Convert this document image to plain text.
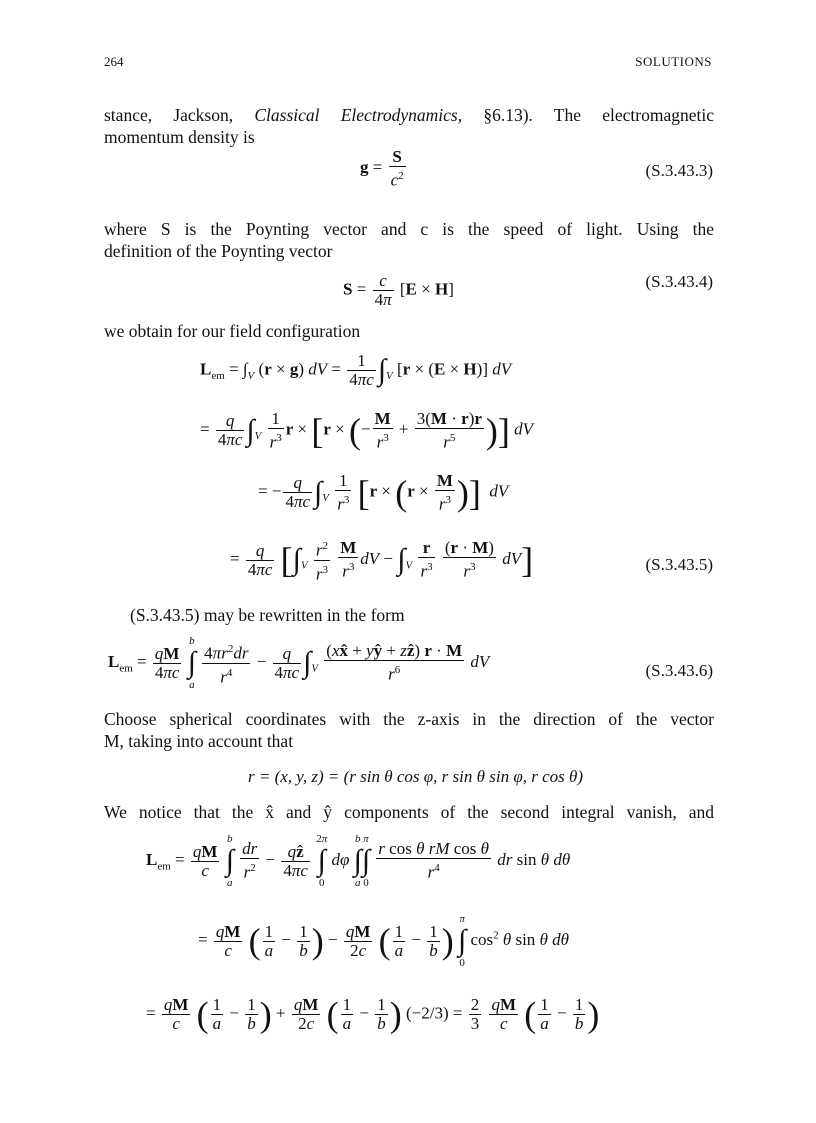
264	SOLUTIONS
stance, Jackson, Classical Electrodynamics, §6.13). The electromagnetic
momentum density is
$g = \frac{S}{c^2}$	(S.3.43.3)
where S is the Poynting vector and c is the speed of light. Using the
definition of the Poynting vector
$S = \frac{c}{4\pi} [E \times H]$	(S.3.43.4)
we obtain for our field configuration
$L_{em} = \int_V$ (r × g) dV = $\frac{1}{4\pi c} \int_V$ [r × (E × H)] dV
= $\frac{q}{4\pi c} \int_V \frac{1}{r^3}$ r × [r × (− $\frac{M}{r^3} + \frac{3(M \cdot r)r}{r^5}$ )] dV
= − $\frac{q}{4\pi c} \int_V \frac{1}{r^3} [r \times (r \times \frac{M}{r^3}$ )] dV
= $\frac{q}{4\pi c} [\int_V \frac{r^2}{r^3}$
$\frac{M}{r^3}$ dV − $\int_V \frac{r}{r^3}$
$\frac{(r \cdot M)}{r^3} dV$]	(S.3.43.5)
(S.3.43.5) may be rewritten in the form
$L_{em} = \frac{qM}{4\pi c}$
b
∫
a $\frac{4\pi r^2dr}{r^4} - \frac{q}{4\pi c} \int_V \frac{\text{(xx̂ + yŷ + zẑ) r · M}}{r^6}$ dV	(S.3.43.6)
Choose spherical coordinates with the z-axis in the direction of the vector
M, taking into account that
r = (x, y, z) = (r sin θ cos φ, r sin θ sin φ, r cos θ)
We notice that the x̂ and ŷ components of the second integral vanish, and
$L_{em} = \frac{qM}{c}$
b
∫
a
$\frac{dr}{r^2} - \frac{\text{qẑ}}{4\pi c}$
2π
∫
0 dφ b
∫
aπ
∫
0
$\frac{\text{r cos θ rM cos θ}}{r^4}$ dr sin θ dθ
= $\frac{qM}{c}$ ( $\frac{1}{a} - \frac{1}{b}$ ) − $\frac{qM}{2c}$ ( $\frac{1}{a} - \frac{1}{b}$ ) π
∫
0 $\cos^2 \theta$ sin θ dθ
= $\frac{qM}{c}$ ( $\frac{1}{a} - \frac{1}{b}$ ) + $\frac{qM}{2c}$ ( $\frac{1}{a} - \frac{1}{b}$ ) $(-2/3) = \frac{2}{3}$
$\frac{qM}{c}$ ( $\frac{1}{a} - \frac{1}{b}$ )
